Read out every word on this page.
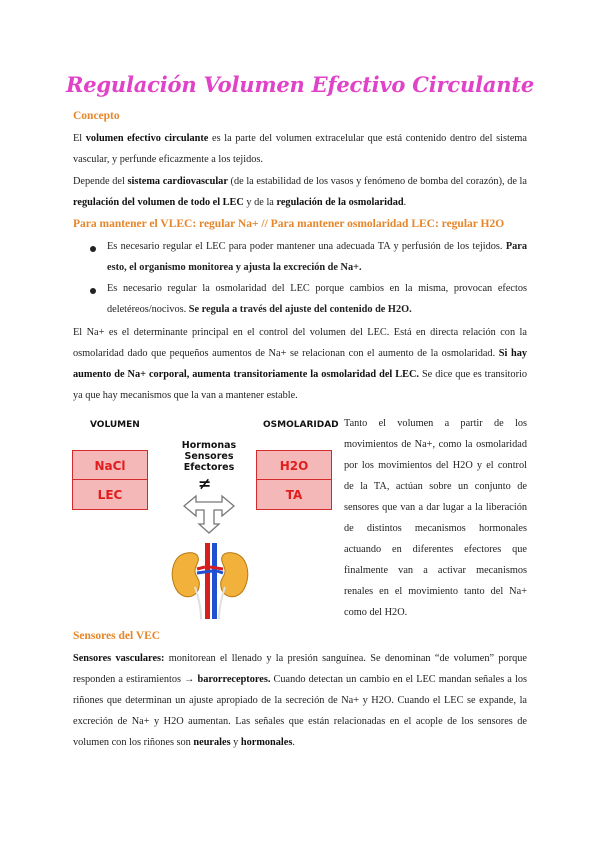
Regulación Volumen Efectivo Circulante
Concepto
El volumen efectivo circulante es la parte del volumen extracelular que está contenido dentro del sistema vascular, y perfunde eficazmente a los tejidos.
Depende del sistema cardiovascular (de la estabilidad de los vasos y fenómeno de bomba del corazón), de la regulación del volumen de todo el LEC y de la regulación de la osmolaridad.
Para mantener el VLEC: regular Na+ // Para mantener osmolaridad LEC: regular H2O
Es necesario regular el LEC para poder mantener una adecuada TA y perfusión de los tejidos. Para esto, el organismo monitorea y ajusta la excreción de Na+.
Es necesario regular la osmolaridad del LEC porque cambios en la misma, provocan efectos deletéreos/nocivos. Se regula a través del ajuste del contenido de H2O.
El Na+ es el determinante principal en el control del volumen del LEC. Está en directa relación con la osmolaridad dado que pequeños aumentos de Na+ se relacionan con el aumento de la osmolaridad. Si hay aumento de Na+ corporal, aumenta transitoriamente la osmolaridad del LEC. Se dice que es transitorio ya que hay mecanismos que la van a mantener estable.
VOLUMEN	OSMOLARIDAD
NaCl
LEC
H2O
TA
Hormonas
Sensores
Efectores
≠
Tanto el volumen a partir de los movimientos de Na+, como la osmolaridad por los movimientos del H2O y el control de la TA, actúan sobre un conjunto de sensores que van a dar lugar a la liberación de distintos mecanismos hormonales actuando en diferentes efectores que finalmente van a activar mecanismos renales en el movimiento tanto del Na+ como del H2O.
Sensores del VEC
Sensores vasculares: monitorean el llenado y la presión sanguínea. Se denominan “de volumen” porque responden a estiramientos → barorreceptores. Cuando detectan un cambio en el LEC mandan señales a los riñones que determinan un ajuste apropiado de la secreción de Na+ y H2O. Cuando el LEC se expande, la excreción de Na+ y H2O aumentan. Las señales que están relacionadas en el acople de los sensores de volumen con los riñones son neurales y hormonales.
